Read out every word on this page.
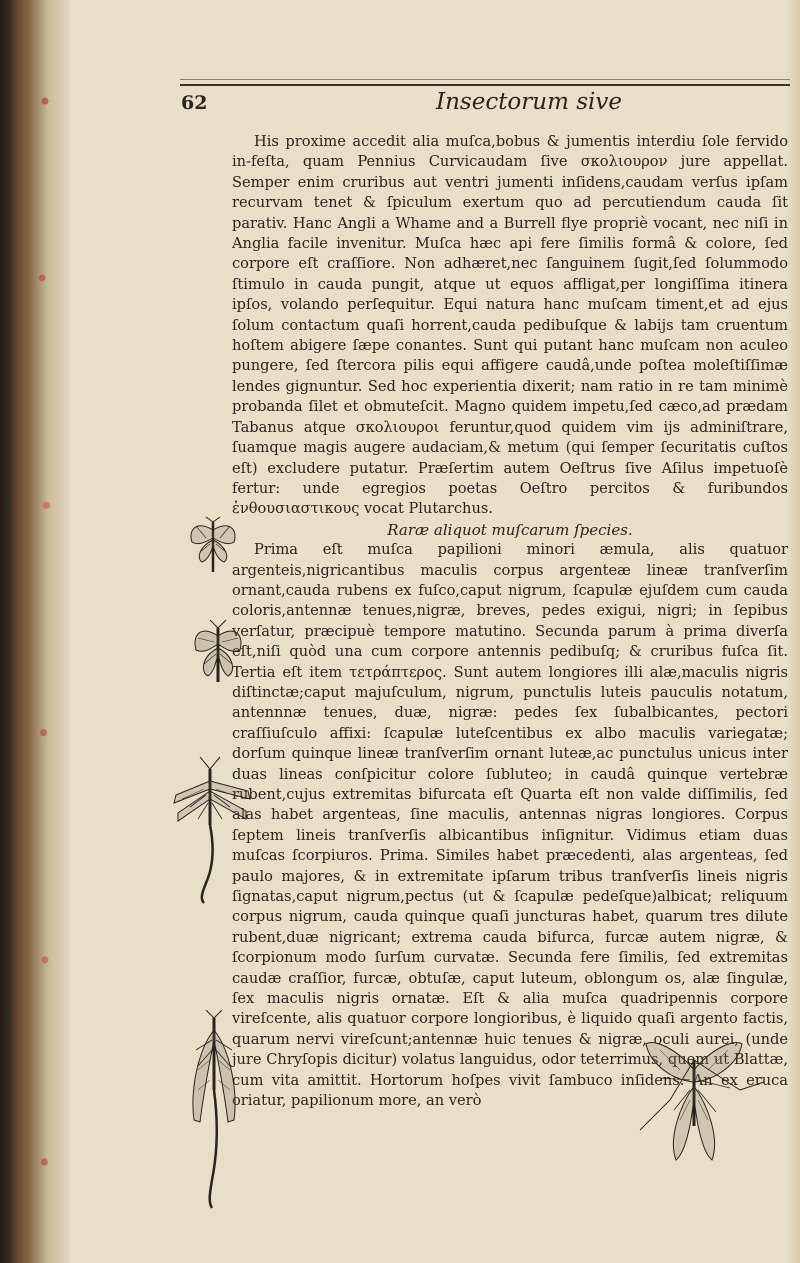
62	Insectorum sive

His proxime accedit alia muſca,bobus & jumentis interdiu ſole fervido in-feſta, quam Pennius Curvicaudam ſive σκολιουρον jure appellat. Semper enim cruribus aut ventri jumenti inſidens,caudam verſus ipſam recurvam tenet & ſpiculum exertum quo ad percutiendum cauda ſit parativ. Hanc Angli a Whame and a Burrell flye propriè vocant, nec niſi in Anglia facile invenitur. Muſca hæc api fere ſimilis formâ & colore, ſed corpore eſt craſſiore. Non adhæret,nec ſanguinem ſugit,ſed ſolummodo ſtimulo in cauda pungit, atque ut equos affligat,per longiſſima itinera ipſos, volando perſequitur. Equi natura hanc muſcam timent,et ad ejus ſolum contactum quaſi horrent,cauda pedibuſque & labijs tam cruentum hoſtem abigere ſæpe conantes. Sunt qui putant hanc muſcam non aculeo pungere, ſed ſtercora pilis equi affigere caudâ,unde poſtea moleſtiſſimæ lendes gignuntur. Sed hoc experientia dixerit; nam ratio in re tam minimè probanda ſilet et obmuteſcit. Magno quidem impetu,ſed cæco,ad prædam Tabanus atque σκολιουροι feruntur,quod quidem vim ijs adminiſtrare, ſuamque magis augere audaciam,& metum (qui ſemper ſecuritatis cuſtos eſt) excludere putatur. Præſertim autem Oeſtrus ſive Aſilus impetuoſè fertur: unde egregios poetas Oeſtro percitos & furibundos ἐνθουσιαστικους vocat Plutarchus.

Raræ aliquot muſcarum ſpecies.

Prima eſt muſca papilioni minori æmula, alis quatuor argenteis,nigricantibus maculis corpus argenteæ lineæ tranſverſim ornant,cauda rubens ex fuſco,caput nigrum, ſcapulæ ejuſdem cum cauda coloris,antennæ tenues,nigræ, breves, pedes exigui, nigri; in ſepibus verſatur, præcipuè tempore matutino. Secunda parum à prima diverſa eſt,niſi quòd una cum corpore antennis pedibuſq; & cruribus fuſca ſit. Tertia eſt item τετράπτερος. Sunt autem longiores illi alæ,maculis nigris diſtinctæ;caput majuſculum, nigrum, punctulis luteis pauculis notatum, antennnæ tenues, duæ, nigræ: pedes ſex ſubalbicantes, pectori craſſiuſculo affixi: ſcapulæ luteſcentibus ex albo maculis variegatæ; dorſum quinque lineæ tranſverſim ornant luteæ,ac punctulus unicus inter duas lineas conſpicitur colore ſubluteo; in caudâ quinque vertebræ rubent,cujus extremitas bifurcata eſt Quarta eſt non valde diſſimilis, ſed alas habet argenteas, ſine maculis, antennas nigras longiores. Corpus ſeptem lineis tranſverſis albicantibus inſignitur. Vidimus etiam duas muſcas ſcorpiuros. Prima. Similes habet præcedenti, alas argenteas, ſed paulo majores, & in extremitate ipſarum tribus tranſverſis lineis nigris ſignatas,caput nigrum,pectus (ut & ſcapulæ pedeſque)albicat; reliquum corpus nigrum, cauda quinque quaſi juncturas habet, quarum tres dilute rubent,duæ nigricant; extrema cauda bifurca, furcæ autem nigræ, & ſcorpionum modo ſurſum curvatæ. Secunda fere ſimilis, ſed extremitas caudæ craſſior, furcæ, obtuſæ, caput luteum, oblongum os, alæ ſingulæ, ſex maculis nigris ornatæ. Eſt & alia muſca quadripennis corpore vireſcente, alis quatuor corpore longioribus, è liquido quaſi argento factis, quarum nervi vireſcunt;antennæ huic tenues & nigræ, oculi aurei, (unde jure Chryſopis dicitur) volatus languidus, odor teterrimus, quem ut Blattæ, cum vita amittit. Hortorum hoſpes vivit ſambuco inſidens. An ex eruca oriatur, papilionum more, an verò
